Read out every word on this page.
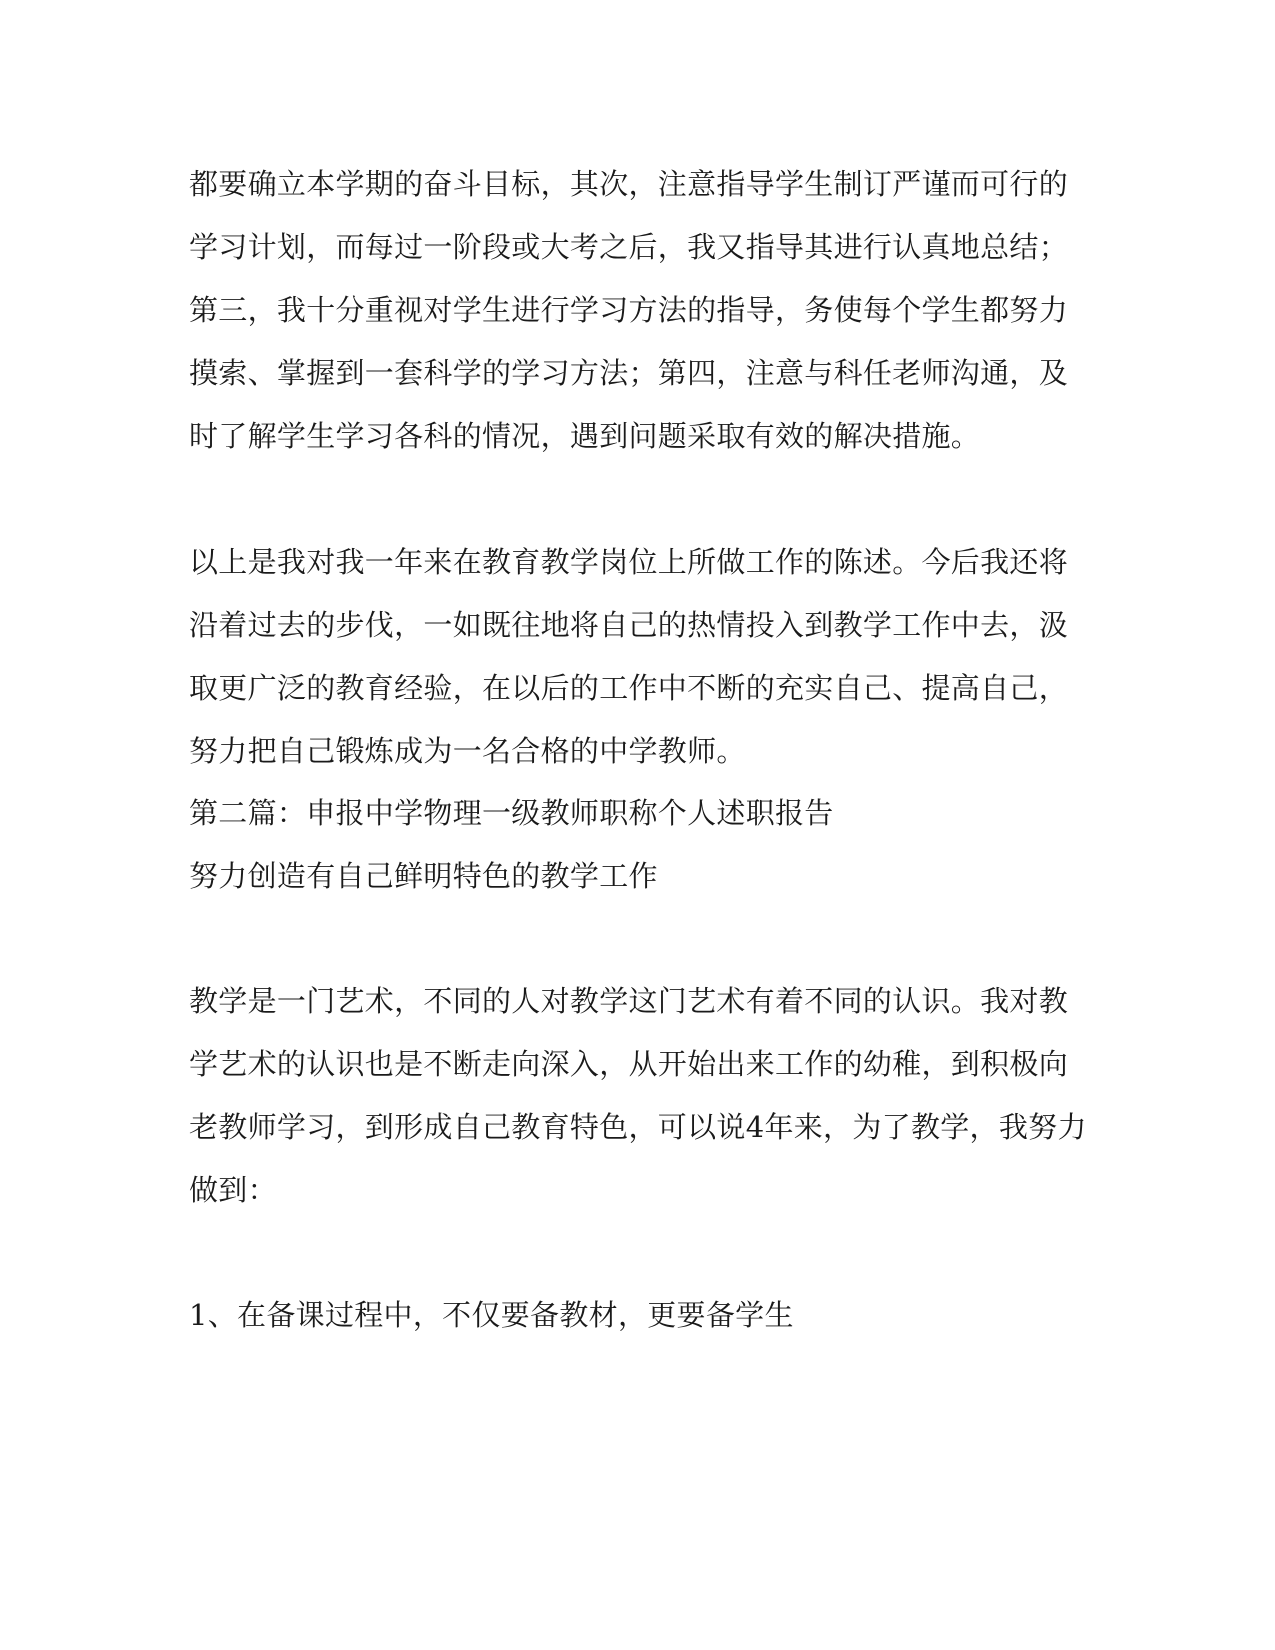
都要确立本学期的奋斗目标，其次，注意指导学生制订严谨而可行的
学习计划，而每过一阶段或大考之后，我又指导其进行认真地总结；
第三，我十分重视对学生进行学习方法的指导，务使每个学生都努力
摸索、掌握到一套科学的学习方法；第四，注意与科任老师沟通，及
时了解学生学习各科的情况，遇到问题采取有效的解决措施。
以上是我对我一年来在教育教学岗位上所做工作的陈述。今后我还将
沿着过去的步伐，一如既往地将自己的热情投入到教学工作中去，汲
取更广泛的教育经验，在以后的工作中不断的充实自己、提高自己，
努力把自己锻炼成为一名合格的中学教师。
第二篇：申报中学物理一级教师职称个人述职报告
努力创造有自己鲜明特色的教学工作
教学是一门艺术，不同的人对教学这门艺术有着不同的认识。我对教
学艺术的认识也是不断走向深入，从开始出来工作的幼稚，到积极向
老教师学习，到形成自己教育特色，可以说4年来，为了教学，我努力
做到：
1、在备课过程中，不仅要备教材，更要备学生
